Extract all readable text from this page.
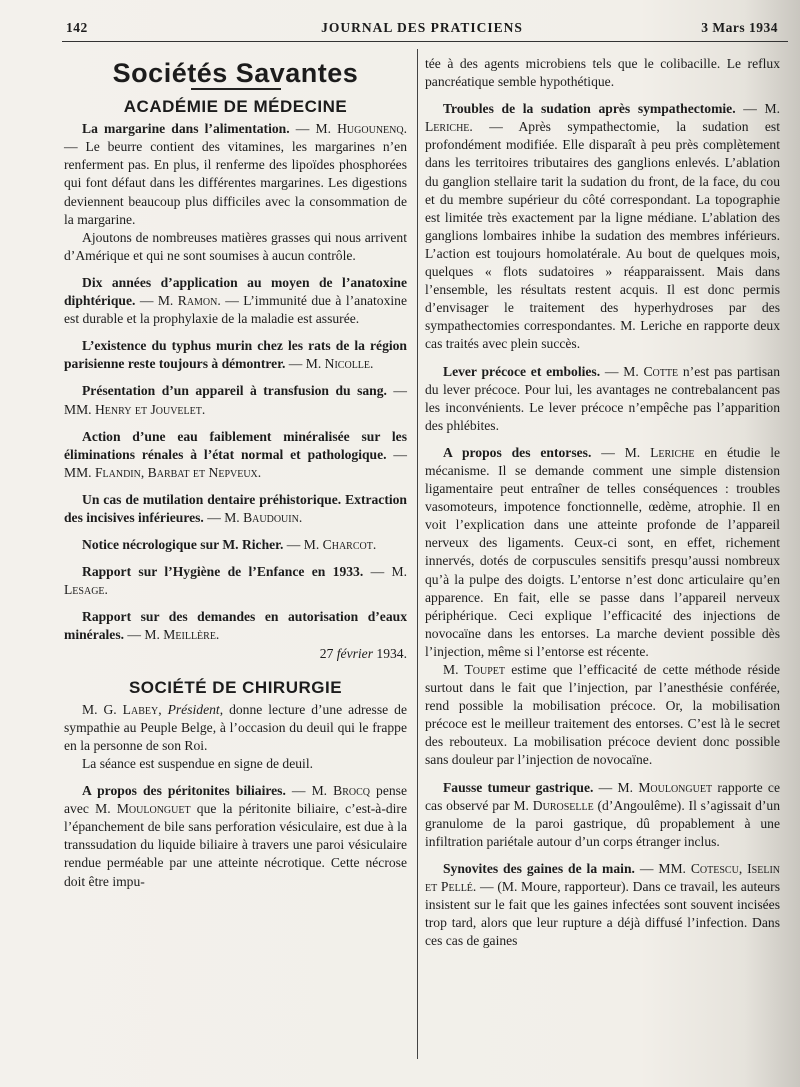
142	JOURNAL DES PRATICIENS	3 Mars 1934
Sociétés Savantes
ACADÉMIE DE MÉDECINE

La margarine dans l’alimentation. — M. Hugounenq. — Le beurre contient des vitamines, les margarines n’en renferment pas. En plus, il renferme des lipoïdes phosphorées qui font défaut dans les différentes margarines. Les digestions deviennent beaucoup plus difficiles avec la consommation de la margarine.

Ajoutons de nombreuses matières grasses qui nous arrivent d’Amérique et qui ne sont soumises à aucun contrôle.

Dix années d’application au moyen de l’anatoxine diphtérique. — M. Ramon. — L’immunité due à l’anatoxine est durable et la prophylaxie de la maladie est assurée.

L’existence du typhus murin chez les rats de la région parisienne reste toujours à démontrer. — M. Nicolle.

Présentation d’un appareil à transfusion du sang. — MM. Henry et Jouvelet.

Action d’une eau faiblement minéralisée sur les éliminations rénales à l’état normal et pathologique. — MM. Flandin, Barbat et Nepveux.

Un cas de mutilation dentaire préhistorique. Extraction des incisives inférieures. — M. Baudouin.

Notice nécrologique sur M. Richer. — M. Charcot.

Rapport sur l’Hygiène de l’Enfance en 1933. — M. Lesage.

Rapport sur des demandes en autorisation d’eaux minérales. — M. Meillère.

27 février 1934.

SOCIÉTÉ DE CHIRURGIE

M. G. Labey, Président, donne lecture d’une adresse de sympathie au Peuple Belge, à l’occasion du deuil qui le frappe en la personne de son Roi.

La séance est suspendue en signe de deuil.

A propos des péritonites biliaires. — M. Brocq pense avec M. Moulonguet que la péritonite biliaire, c’est-à-dire l’épanchement de bile sans perforation vésiculaire, est due à la transsudation du liquide biliaire à travers une paroi vésiculaire rendue perméable par une atteinte nécrotique. Cette nécrose doit être impu-

tée à des agents microbiens tels que le colibacille. Le reflux pancréatique semble hypothétique.

Troubles de la sudation après sympathectomie. — M. Leriche. — Après sympathectomie, la sudation est profondément modifiée. Elle disparaît à peu près complètement dans les territoires tributaires des ganglions enlevés. L’ablation du ganglion stellaire tarit la sudation du front, de la face, du cou et du membre supérieur du côté correspondant. La topographie est limitée très exactement par la ligne médiane. L’ablation des ganglions lombaires inhibe la sudation des membres inférieurs. L’action est toujours homolatérale. Au bout de quelques mois, quelques « flots sudatoires » réapparaissent. Mais dans l’ensemble, les résultats restent acquis. Il est donc permis d’envisager le traitement des hyperhydroses par des sympathectomies correspondantes. M. Leriche en rapporte deux cas traités avec plein succès.

Lever précoce et embolies. — M. Cotte n’est pas partisan du lever précoce. Pour lui, les avantages ne contrebalancent pas les inconvénients. Le lever précoce n’empêche pas l’apparition des phlébites.

A propos des entorses. — M. Leriche en étudie le mécanisme. Il se demande comment une simple distension ligamentaire peut entraîner de telles conséquences : troubles vasomoteurs, impotence fonctionnelle, œdème, atrophie. Il en voit l’explication dans une atteinte profonde de l’appareil nerveux des ligaments. Ceux-ci sont, en effet, richement innervés, dotés de corpuscules sensitifs presqu’aussi nombreux qu’à la pulpe des doigts. L’entorse n’est donc articulaire qu’en apparence. En fait, elle se passe dans l’appareil nerveux périphérique. Ceci explique l’efficacité des injections de novocaïne dans les entorses. La marche devient possible dès l’injection, même si l’entorse est récente.

M. Toupet estime que l’efficacité de cette méthode réside surtout dans le fait que l’injection, par l’anesthésie conférée, rend possible la mobilisation précoce. Or, la mobilisation précoce est le meilleur traitement des entorses. C’est là le secret des rebouteux. La mobilisation précoce devient donc possible sans douleur par l’injection de novocaïne.

Fausse tumeur gastrique. — M. Moulonguet rapporte ce cas observé par M. Duroselle (d’Angoulême). Il s’agissait d’un granulome de la paroi gastrique, dû propablement à une infiltration pariétale autour d’un corps étranger inclus.

Synovites des gaines de la main. — MM. Cotescu, Iselin et Pellé. — (M. Moure, rapporteur). Dans ce travail, les auteurs insistent sur le fait que les gaines infectées sont souvent incisées trop tard, alors que leur rupture a déjà diffusé l’infection. Dans ces cas de gaines
